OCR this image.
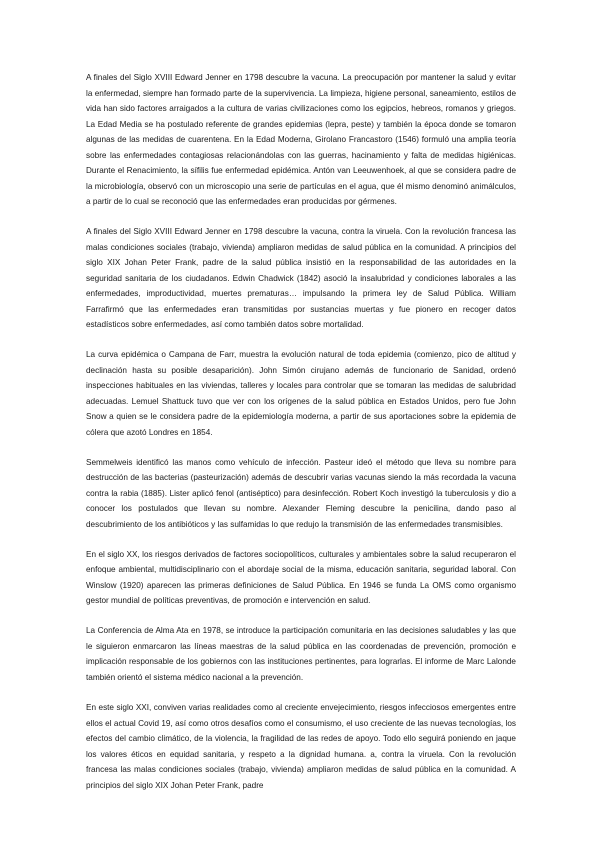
A finales del Siglo XVIII Edward Jenner en 1798 descubre la vacuna. La preocupación por mantener la salud y evitar la enfermedad, siempre han formado parte de la supervivencia. La limpieza, higiene personal, saneamiento, estilos de vida han sido factores arraigados a la cultura de varias civilizaciones como los egipcios, hebreos, romanos y griegos. La Edad Media se ha postulado referente de grandes epidemias (lepra, peste) y también la época donde se tomaron algunas de las medidas de cuarentena. En la Edad Moderna, Girolano Francastoro (1546) formuló una amplia teoría sobre las enfermedades contagiosas relacionándolas con las guerras, hacinamiento y falta de medidas higiénicas. Durante el Renacimiento, la sífilis fue enfermedad epidémica. Antón van Leeuwenhoek, al que se considera padre de la microbiología, observó con un microscopio una serie de partículas en el agua, que él mismo denominó animálculos, a partir de lo cual se reconoció que las enfermedades eran producidas por gérmenes.

A finales del Siglo XVIII Edward Jenner en 1798 descubre la vacuna, contra la viruela. Con la revolución francesa las malas condiciones sociales (trabajo, vivienda) ampliaron medidas de salud pública en la comunidad. A principios del siglo XIX Johan Peter Frank, padre de la salud pública insistió en la responsabilidad de las autoridades en la seguridad sanitaria de los ciudadanos. Edwin Chadwick (1842) asoció la insalubridad y condiciones laborales a las enfermedades, improductividad, muertes prematuras… impulsando la primera ley de Salud Pública. William Farrafirmó que las enfermedades eran transmitidas por sustancias muertas y fue pionero en recoger datos estadísticos sobre enfermedades, así como también datos sobre mortalidad.

La curva epidémica o Campana de Farr, muestra la evolución natural de toda epidemia (comienzo, pico de altitud y declinación hasta su posible desaparición). John Simón cirujano además de funcionario de Sanidad, ordenó inspecciones habituales en las viviendas, talleres y locales para controlar que se tomaran las medidas de salubridad adecuadas. Lemuel Shattuck tuvo que ver con los orígenes de la salud pública en Estados Unidos, pero fue John Snow a quien se le considera padre de la epidemiología moderna, a partir de sus aportaciones sobre la epidemia de cólera que azotó Londres en 1854.

Semmelweis identificó las manos como vehículo de infección. Pasteur ideó el método que lleva su nombre para destrucción de las bacterias (pasteurización) además de descubrir varias vacunas siendo la más recordada la vacuna contra la rabia (1885). Lister aplicó fenol (antiséptico) para desinfección. Robert Koch investigó la tuberculosis y dio a conocer los postulados que llevan su nombre. Alexander Fleming descubre la penicilina, dando paso al descubrimiento de los antibióticos y las sulfamidas lo que redujo la transmisión de las enfermedades transmisibles.

En el siglo XX, los riesgos derivados de factores sociopolíticos, culturales y ambientales sobre la salud recuperaron el enfoque ambiental, multidisciplinario con el abordaje social de la misma, educación sanitaria, seguridad laboral. Con Winslow (1920) aparecen las primeras definiciones de Salud Pública. En 1946 se funda La OMS como organismo gestor mundial de políticas preventivas, de promoción e intervención en salud.

La Conferencia de Alma Ata en 1978, se introduce la participación comunitaria en las decisiones saludables y las que le siguieron enmarcaron las líneas maestras de la salud pública en las coordenadas de prevención, promoción e implicación responsable de los gobiernos con las instituciones pertinentes, para lograrlas. El informe de Marc Lalonde también orientó el sistema médico nacional a la prevención.

En este siglo XXI, conviven varias realidades como al creciente envejecimiento, riesgos infecciosos emergentes entre ellos el actual Covid 19, así como otros desafíos como el consumismo, el uso creciente de las nuevas tecnologías, los efectos del cambio climático, de la violencia, la fragilidad de las redes de apoyo. Todo ello seguirá poniendo en jaque los valores éticos en equidad sanitaria, y respeto a la dignidad humana. a, contra la viruela. Con la revolución francesa las malas condiciones sociales (trabajo, vivienda) ampliaron medidas de salud pública en la comunidad. A principios del siglo XIX Johan Peter Frank, padre
